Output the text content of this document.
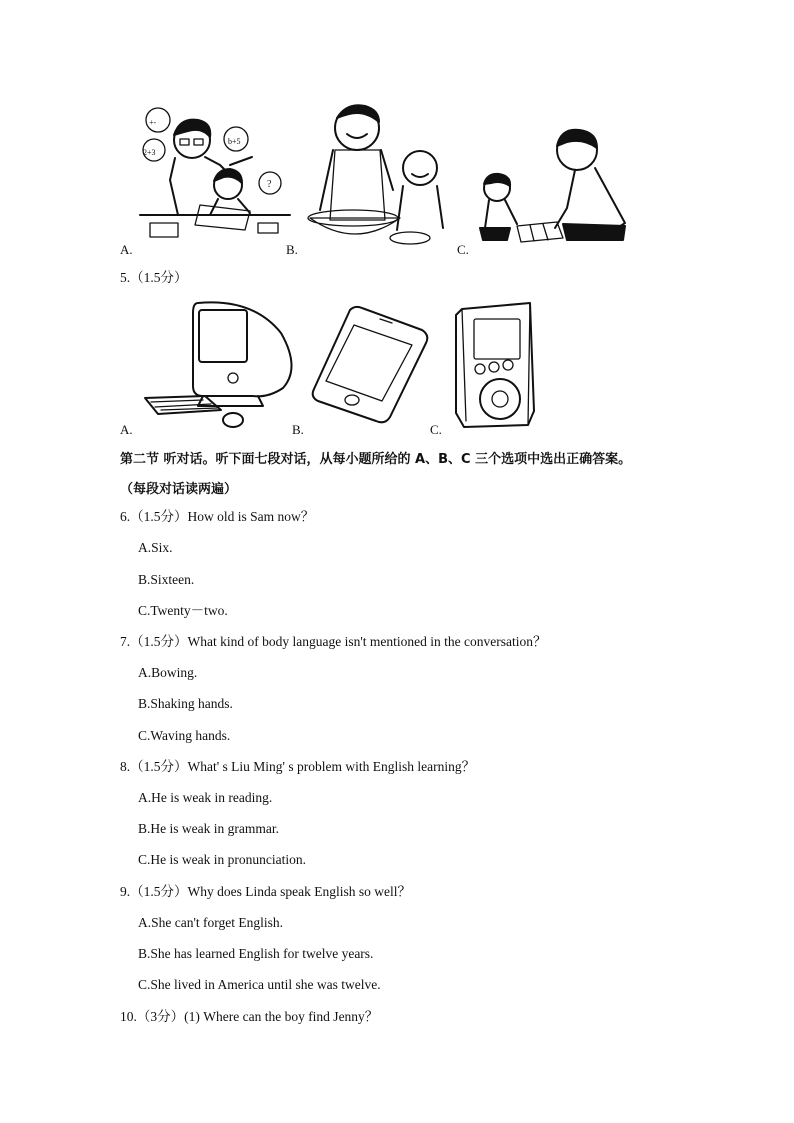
+-
2+3
b+5
?
A.	B.	C.
5.（1.5分）
A.	B.	C.
第二节 听对话。听下面七段对话，从每小题所给的 A、B、C 三个选项中选出正确答案。
（每段对话读两遍）
6.（1.5分）How old is Sam now？
A.Six.
B.Sixteen.
C.Twenty－two.
7.（1.5分）What kind of body language isn't mentioned in the conversation？
A.Bowing.
B.Shaking hands.
C.Waving hands.
8.（1.5分）What' s Liu Ming' s problem with English learning？
A.He is weak in reading.
B.He is weak in grammar.
C.He is weak in pronunciation.
9.（1.5分）Why does Linda speak English so well？
A.She can't forget English.
B.She has learned English for twelve years.
C.She lived in America until she was twelve.
10.（3分）(1) Where can the boy find Jenny？
